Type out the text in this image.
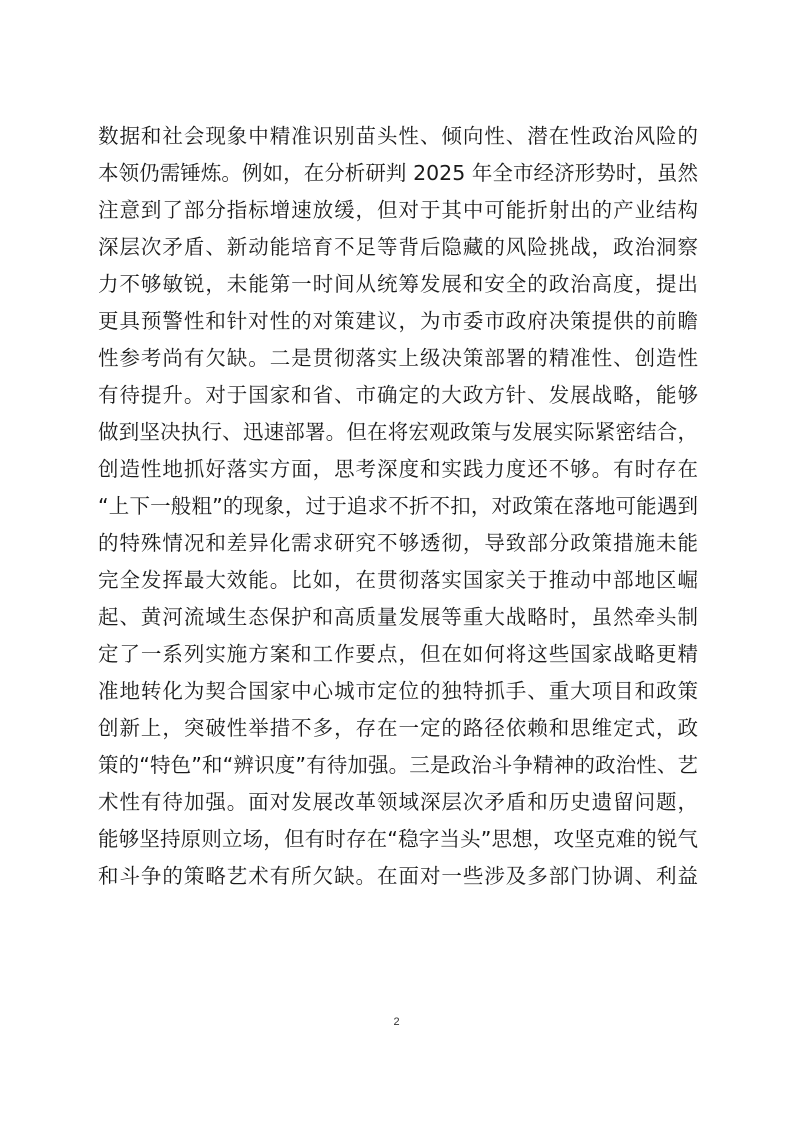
数据和社会现象中精准识别苗头性、倾向性、潜在性政治风险的
本领仍需锤炼。例如，在分析研判 2025 年全市经济形势时，虽然
注意到了部分指标增速放缓，但对于其中可能折射出的产业结构
深层次矛盾、新动能培育不足等背后隐藏的风险挑战，政治洞察
力不够敏锐，未能第一时间从统筹发展和安全的政治高度，提出
更具预警性和针对性的对策建议，为市委市政府决策提供的前瞻
性参考尚有欠缺。二是贯彻落实上级决策部署的精准性、创造性
有待提升。对于国家和省、市确定的大政方针、发展战略，能够
做到坚决执行、迅速部署。但在将宏观政策与发展实际紧密结合，
创造性地抓好落实方面，思考深度和实践力度还不够。有时存在
“上下一般粗”的现象，过于追求不折不扣，对政策在落地可能遇到
的特殊情况和差异化需求研究不够透彻，导致部分政策措施未能
完全发挥最大效能。比如，在贯彻落实国家关于推动中部地区崛
起、黄河流域生态保护和高质量发展等重大战略时，虽然牵头制
定了一系列实施方案和工作要点，但在如何将这些国家战略更精
准地转化为契合国家中心城市定位的独特抓手、重大项目和政策
创新上，突破性举措不多，存在一定的路径依赖和思维定式，政
策的“特色”和“辨识度”有待加强。三是政治斗争精神的政治性、艺
术性有待加强。面对发展改革领域深层次矛盾和历史遗留问题，
能够坚持原则立场，但有时存在“稳字当头”思想，攻坚克难的锐气
和斗争的策略艺术有所欠缺。在面对一些涉及多部门协调、利益
2
